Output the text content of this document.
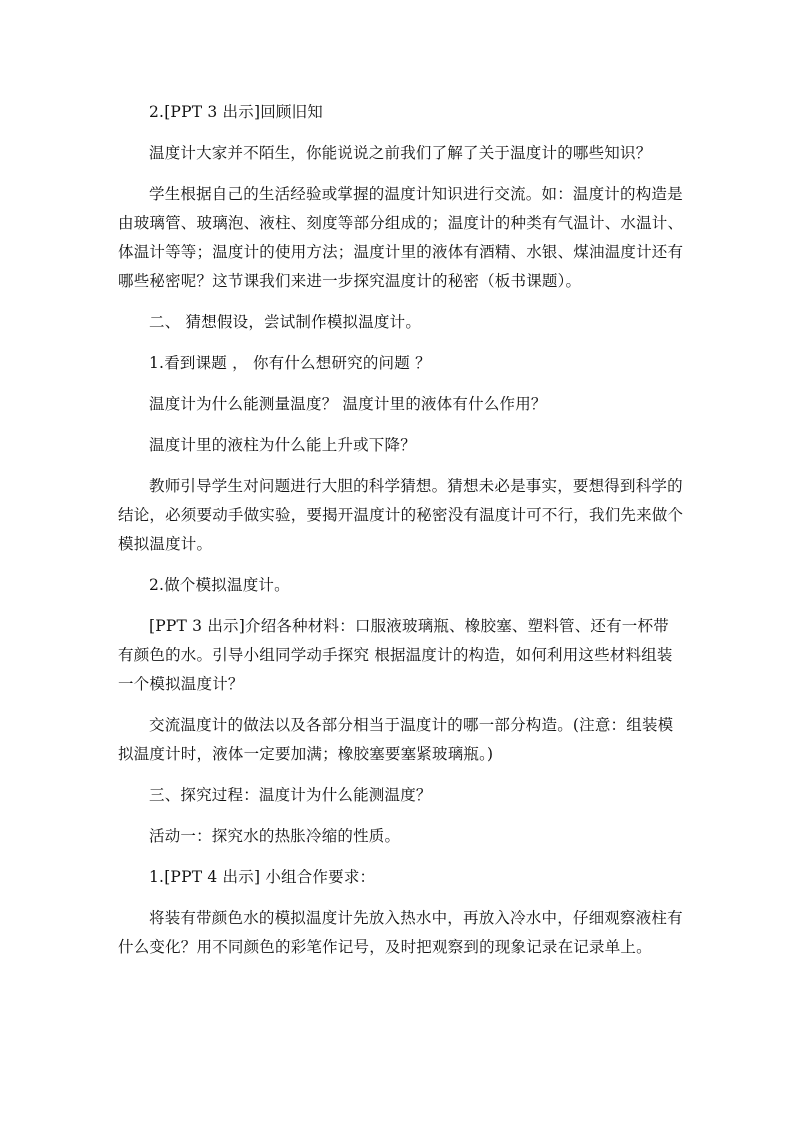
2.[PPT 3 出示]回顾旧知

温度计大家并不陌生，你能说说之前我们了解了关于温度计的哪些知识？

学生根据自己的生活经验或掌握的温度计知识进行交流。如：温度计的构造是由玻璃管、玻璃泡、液柱、刻度等部分组成的；温度计的种类有气温计、水温计、体温计等等；温度计的使用方法；温度计里的液体有酒精、水银、煤油温度计还有哪些秘密呢？这节课我们来进一步探究温度计的秘密（板书课题）。

二、 猜想假设，尝试制作模拟温度计。

1.看到课题 ， 你有什么想研究的问题 ？

温度计为什么能测量温度？ 温度计里的液体有什么作用？

温度计里的液柱为什么能上升或下降？

教师引导学生对问题进行大胆的科学猜想。猜想未必是事实，要想得到科学的结论，必须要动手做实验，要揭开温度计的秘密没有温度计可不行，我们先来做个模拟温度计。

2.做个模拟温度计。

[PPT 3 出示]介绍各种材料：口服液玻璃瓶、橡胶塞、塑料管、还有一杯带有颜色的水。引导小组同学动手探究 根据温度计的构造，如何利用这些材料组装一个模拟温度计？

交流温度计的做法以及各部分相当于温度计的哪一部分构造。(注意：组装模拟温度计时，液体一定要加满；橡胶塞要塞紧玻璃瓶。)

三、探究过程：温度计为什么能测温度？

活动一：探究水的热胀冷缩的性质。

1.[PPT 4 出示] 小组合作要求：

将装有带颜色水的模拟温度计先放入热水中，再放入冷水中，仔细观察液柱有什么变化？用不同颜色的彩笔作记号，及时把观察到的现象记录在记录单上。
